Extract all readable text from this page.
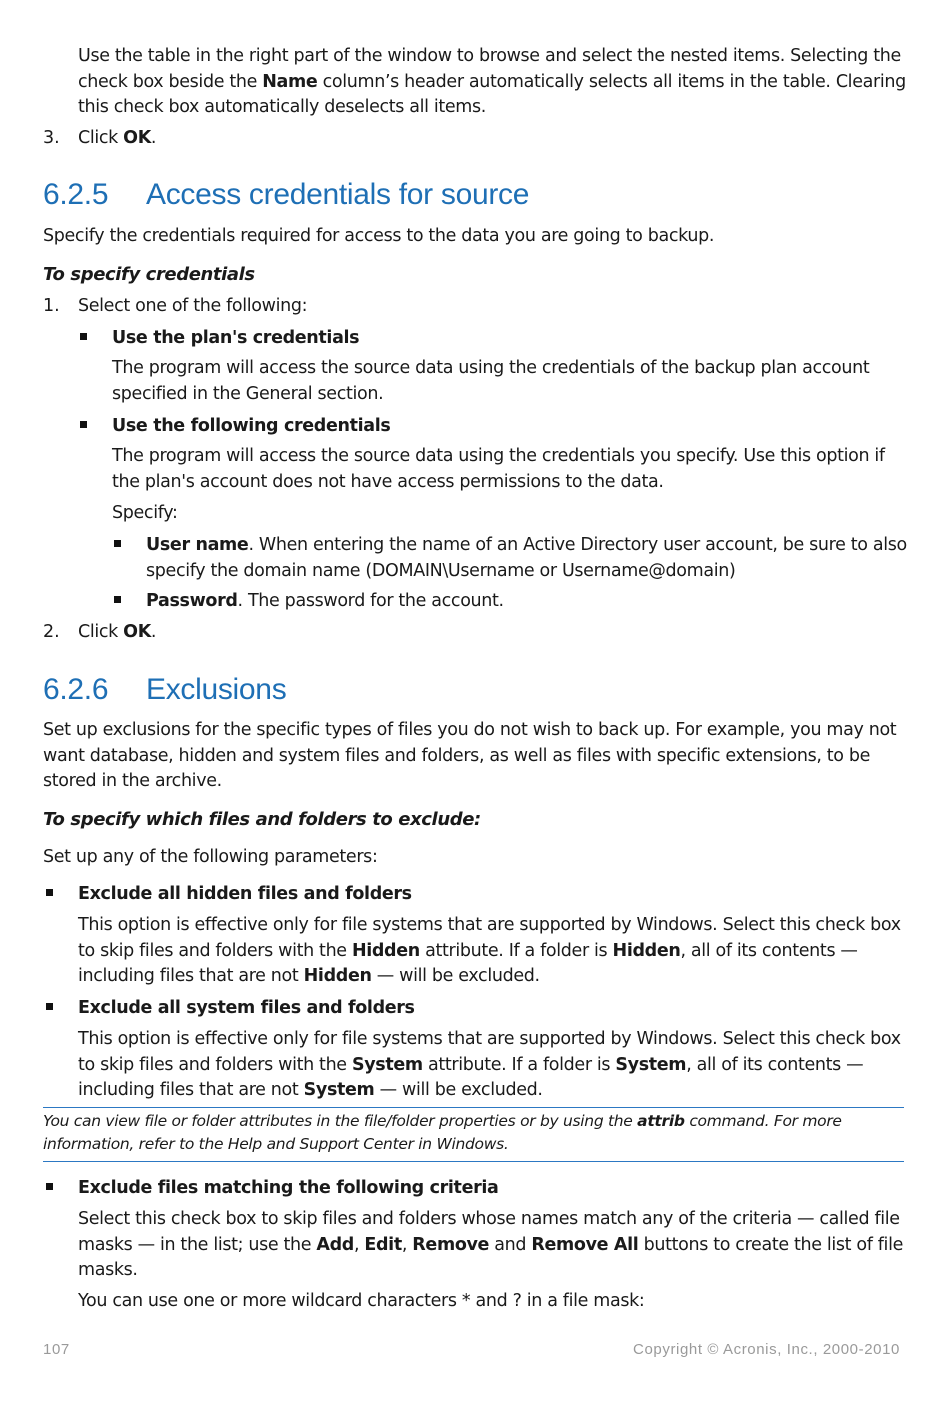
Use the table in the right part of the window to browse and select the nested items. Selecting the check box beside the Name column’s header automatically selects all items in the table. Clearing this check box automatically deselects all items.

3. Click OK.

6.2.5 Access credentials for source

Specify the credentials required for access to the data you are going to backup.

To specify credentials

1. Select one of the following:

Use the plan's credentials

The program will access the source data using the credentials of the backup plan account specified in the General section.

Use the following credentials

The program will access the source data using the credentials you specify. Use this option if the plan's account does not have access permissions to the data.

Specify:

User name. When entering the name of an Active Directory user account, be sure to also specify the domain name (DOMAIN\Username or Username@domain)

Password. The password for the account.

2. Click OK.

6.2.6 Exclusions

Set up exclusions for the specific types of files you do not wish to back up. For example, you may not want database, hidden and system files and folders, as well as files with specific extensions, to be stored in the archive.

To specify which files and folders to exclude:

Set up any of the following parameters:

Exclude all hidden files and folders

This option is effective only for file systems that are supported by Windows. Select this check box to skip files and folders with the Hidden attribute. If a folder is Hidden, all of its contents — including files that are not Hidden — will be excluded.

Exclude all system files and folders

This option is effective only for file systems that are supported by Windows. Select this check box to skip files and folders with the System attribute. If a folder is System, all of its contents — including files that are not System — will be excluded.

You can view file or folder attributes in the file/folder properties or by using the attrib command. For more information, refer to the Help and Support Center in Windows.

Exclude files matching the following criteria

Select this check box to skip files and folders whose names match any of the criteria — called file masks — in the list; use the Add, Edit, Remove and Remove All buttons to create the list of file masks.

You can use one or more wildcard characters * and ? in a file mask:

107	Copyright © Acronis, Inc., 2000-2010
